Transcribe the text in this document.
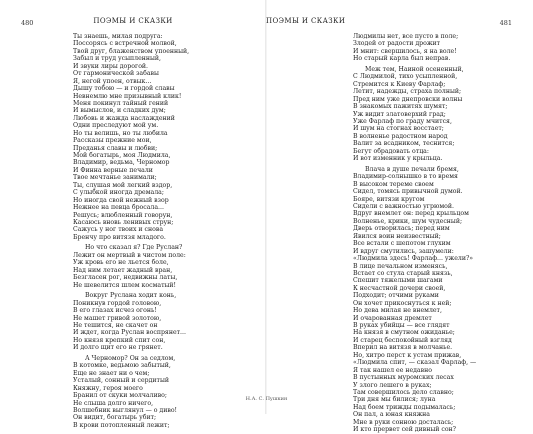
480	ПОЭМЫ И СКАЗКИ
Ты знаешь, милая подруга:
Поссорясь с встречной молвой,
Твой друг, блаженством упоенный,
Забыл и труд усыпленный,
И звуки лиры дорогой.
От гармонической забавы
Я, негой упоен, отвык...
Дышу тобою — и гордой славы
Невнемлю мне призывный клик!
Меня покинул тайный гений
И вымыслов, и сладких дум;
Любовь и жажда наслаждений
Одни преследуют мой ум.
Но ты велишь, но ты любила
Рассказы прежние мои,
Преданья славы и любви;
Мой богатырь, моя Людмила,
Владимир, ведьма, Черномор
И Финна верные печали
Твое мечтанье занимали;
Ты, слушая мой легкий вздор,
С улыбкой иногда дремала;
Но иногда свой нежный взор
Нежнее на певца бросала...
Решусь; влюбленный говорун,
Касаюсь вновь ленивых струн;
Сажусь у ног твоих и снова
Бренчу про витязя младого.
Но что сказал я? Где Руслан?
Лежит он мертвый в чистом поле:
Уж кровь его не льется боле,
Над ним летает жадный вран,
Безгласен рог, недвижны латы,
Не шевелится шлем косматый!
Вокруг Руслана ходит конь,
Поникнув гордой головою,
В его глазах исчез огонь!
Не машет гривой золотою,
Не тешится, не скачет он
И ждет, когда Руслан воспрянет...
Но князя крепкий спит сон,
И долго щит его не грянет.
А Черномор? Он за седлом,
В котомке, ведьмою забытый,
Еще не знает ни о чем;
Усталый, сонный и сердитый
Княжну, героя моего
Бранил от скуки молчаливо;
Не слыша долго ничего,
Волшебник выглянул — о диво!
Он видит, богатырь убит;
В крови потопленный лежит;
481
ПОЭМЫ И СКАЗКИ
Людмилы нет, все пусто в поле;
Злодей от радости дрожит
И мнит: свершилось, я на воле!
Но старый карла был неправ.
Меж тем, Наиной осененный,
С Людмилой, тихо усыпленной,
Стремится к Киеву Фарлаф;
Летит, надежды, страха полный;
Пред ним уже днепровски волны
В знакомых пажитях шумят;
Уж видит златоверхий град;
Уже Фарлаф по граду мчится,
И шум на стогнах восстает;
В волненье радостном народ
Валит за всадником, теснится;
Бегут обрадовать отца:
И вот изменник у крыльца.
Влача в душе печали бремя,
Владимир-солнышко в то время
В высоком тереме своем
Сидел, томясь привычной думой.
Бояре, витязи кругом
Сидели с важностью угрюмой.
Вдруг внемлет он: перед крыльцом
Волненье, крики, шум чудесный;
Дверь отворилась; перед ним
Явился воин неизвестный;
Все встали с шепотом глухим
И вдруг смутились, зашумели:
«Людмила здесь! Фарлаф... ужели?»
В лице печальном изменясь,
Встает со стула старый князь,
Спешит тяжелыми шагами
К несчастной дочери своей,
Подходит; отчими руками
Он хочет прикоснуться к ней;
Но дева милая не внемлет,
И очарованная дремлет
В руках убийцы — все глядят
На князя в смутном ожиданье;
И старец беспокойный взгляд
Вперил на витязя в молчанье.
Но, хитро перст к устам прижав,
«Людмила спит, — сказал Фарлаф, —
Я так нашел ее недавно
В пустынных муромских лесах
У злого лешего в руках;
Там совершилось дело славно;
Три дня мы билися; луна
Над боем трижды подымалась;
Он пал, а юная княжна
Мне в руки сонною досталась;
И кто прервет сей дивный сон?
Н.А. С. Пушкин
